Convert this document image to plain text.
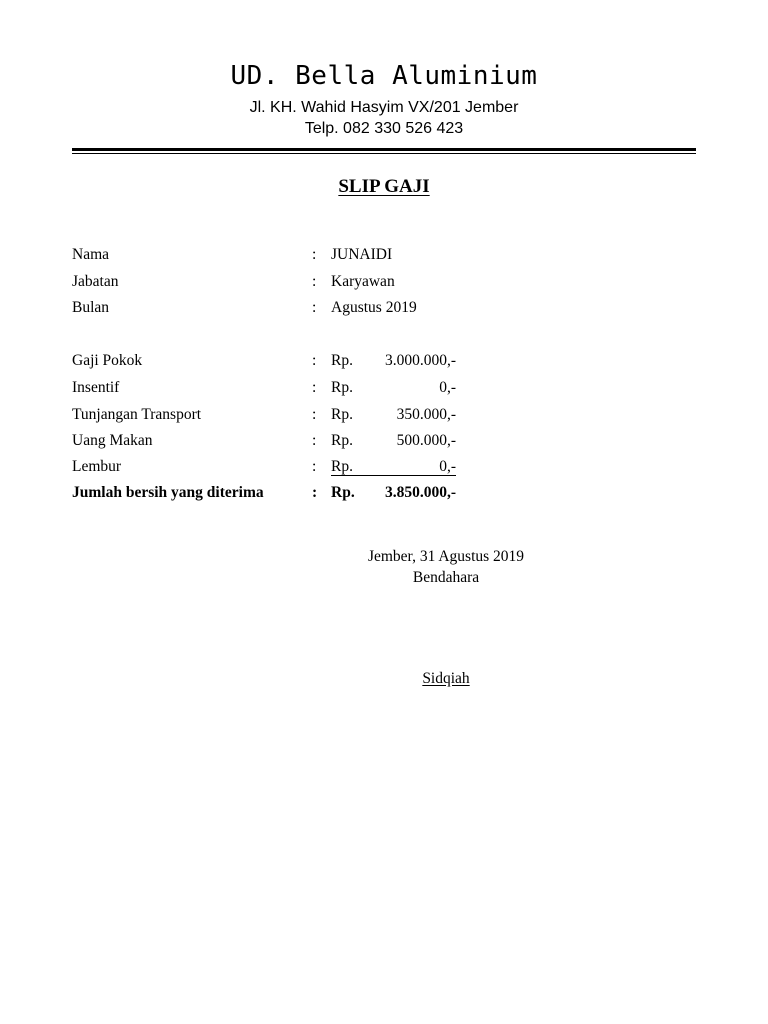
UD. Bella Aluminium
Jl. KH. Wahid Hasyim VX/201 Jember
Telp. 082 330 526 423
SLIP GAJI
Nama	: JUNAIDI
Jabatan	: Karyawan
Bulan	: Agustus 2019
Gaji Pokok	: Rp. 3.000.000,-
Insentif	: Rp.	0,-
Tunjangan Transport	: Rp.	350.000,-
Uang Makan	: Rp.	500.000,-
Lembur	: Rp.	0,-
Jumlah bersih yang diterima	: Rp. 3.850.000,-
Jember, 31 Agustus 2019
Bendahara
Sidqiah
